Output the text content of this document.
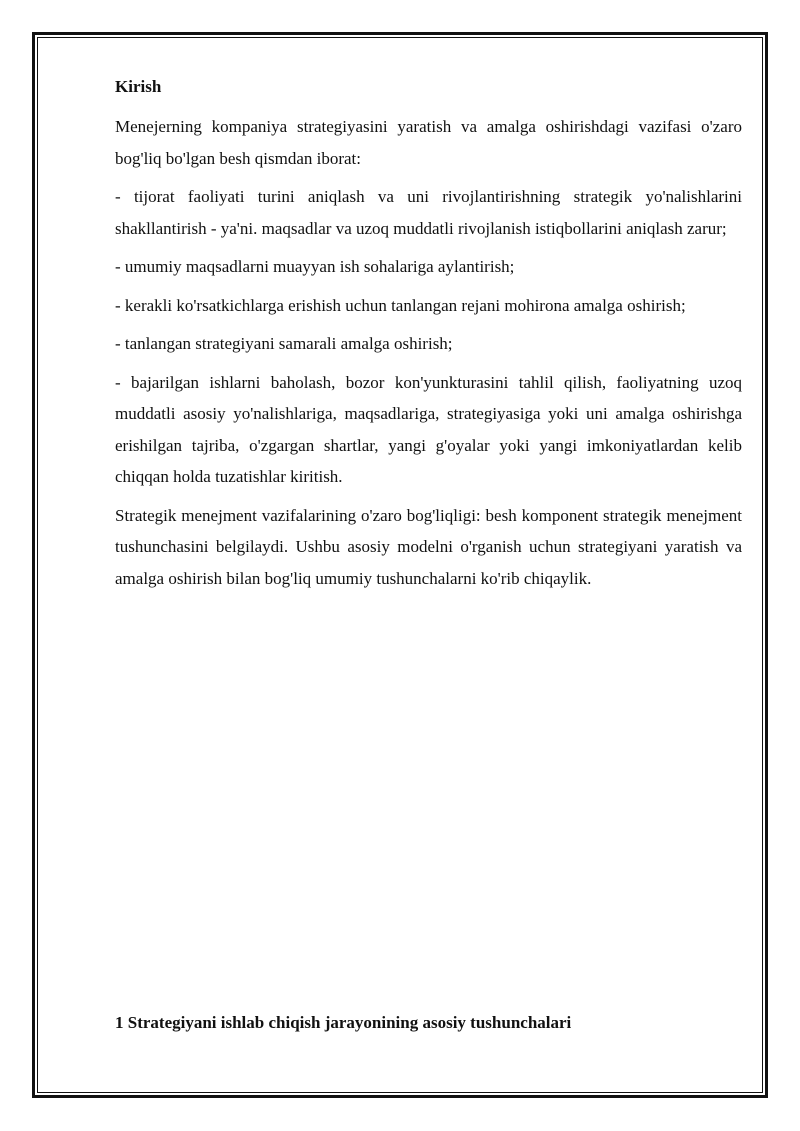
Kirish

Menejerning kompaniya strategiyasini yaratish va amalga oshirishdagi vazifasi o'zaro bog'liq bo'lgan besh qismdan iborat:

- tijorat faoliyati turini aniqlash va uni rivojlantirishning strategik yo'nalishlarini shakllantirish - ya'ni. maqsadlar va uzoq muddatli rivojlanish istiqbollarini aniqlash zarur;

- umumiy maqsadlarni muayyan ish sohalariga aylantirish;

- kerakli ko'rsatkichlarga erishish uchun tanlangan rejani mohirona amalga oshirish;

- tanlangan strategiyani samarali amalga oshirish;

- bajarilgan ishlarni baholash, bozor kon'yunkturasini tahlil qilish, faoliyatning uzoq muddatli asosiy yo'nalishlariga, maqsadlariga, strategiyasiga yoki uni amalga oshirishga erishilgan tajriba, o'zgargan shartlar, yangi g'oyalar yoki yangi imkoniyatlardan kelib chiqqan holda tuzatishlar kiritish.

Strategik menejment vazifalarining o'zaro bog'liqligi: besh komponent strategik menejment tushunchasini belgilaydi. Ushbu asosiy modelni o'rganish uchun strategiyani yaratish va amalga oshirish bilan bog'liq umumiy tushunchalarni ko'rib chiqaylik.

1 Strategiyani ishlab chiqish jarayonining asosiy tushunchalari
